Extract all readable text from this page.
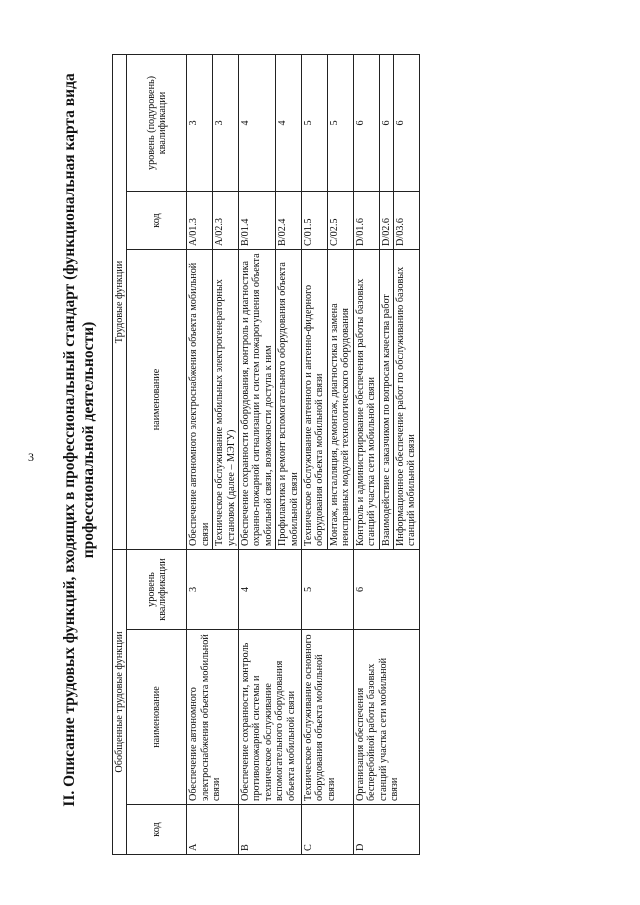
3 II. Описание трудовых функций, входящих в профессиональный стандарт (функциональная карта вида профессиональной деятельности)
Обобщенные трудовые функции			Трудовые функции		
код	наименование	уровень квалификации	наименование	код	уровень (подуровень) квалификации
A	Обеспечение автономного электроснабжения объекта мобильной связи	3	Обеспечение автономного электроснабжения объекта мобильной связи	A/01.3	3
			Техническое обслуживание мобильных электрогенераторных установок (далее – МЭГУ)	A/02.3	3
B	Обеспечение сохранности, контроль противопожарной системы и техническое обслуживание вспомогательного оборудования объекта мобильной связи	4	Обеспечение сохранности оборудования, контроль и диагностика охранно-пожарной сигнализации и систем пожарогушения объекта мобильной связи, возможности доступа к ним	B/01.4	4
			Профилактика и ремонт вспомогательного оборудования объекта мобильной связи	B/02.4	4
C	Техническое обслуживание основного оборудования объекта мобильной связи	5	Техническое обслуживание антенного и антенно-фидерного оборудования объекта мобильной связи	C/01.5	5
			Монтаж, инсталляция, демонтаж, диагностика и замена неисправных модулей технологического оборудования	C/02.5	5
D	Организация обеспечения бесперебойной работы базовых станций участка сети мобильной связи	6	Контроль и администрирование обеспечения работы базовых станций участка сети мобильной связи	D/01.6	6
			Взаимодействие с заказчиком по вопросам качества работ	D/02.6	6
			Информационное обеспечение работ по обслуживанию базовых станций мобильной связи	D/03.6	6
